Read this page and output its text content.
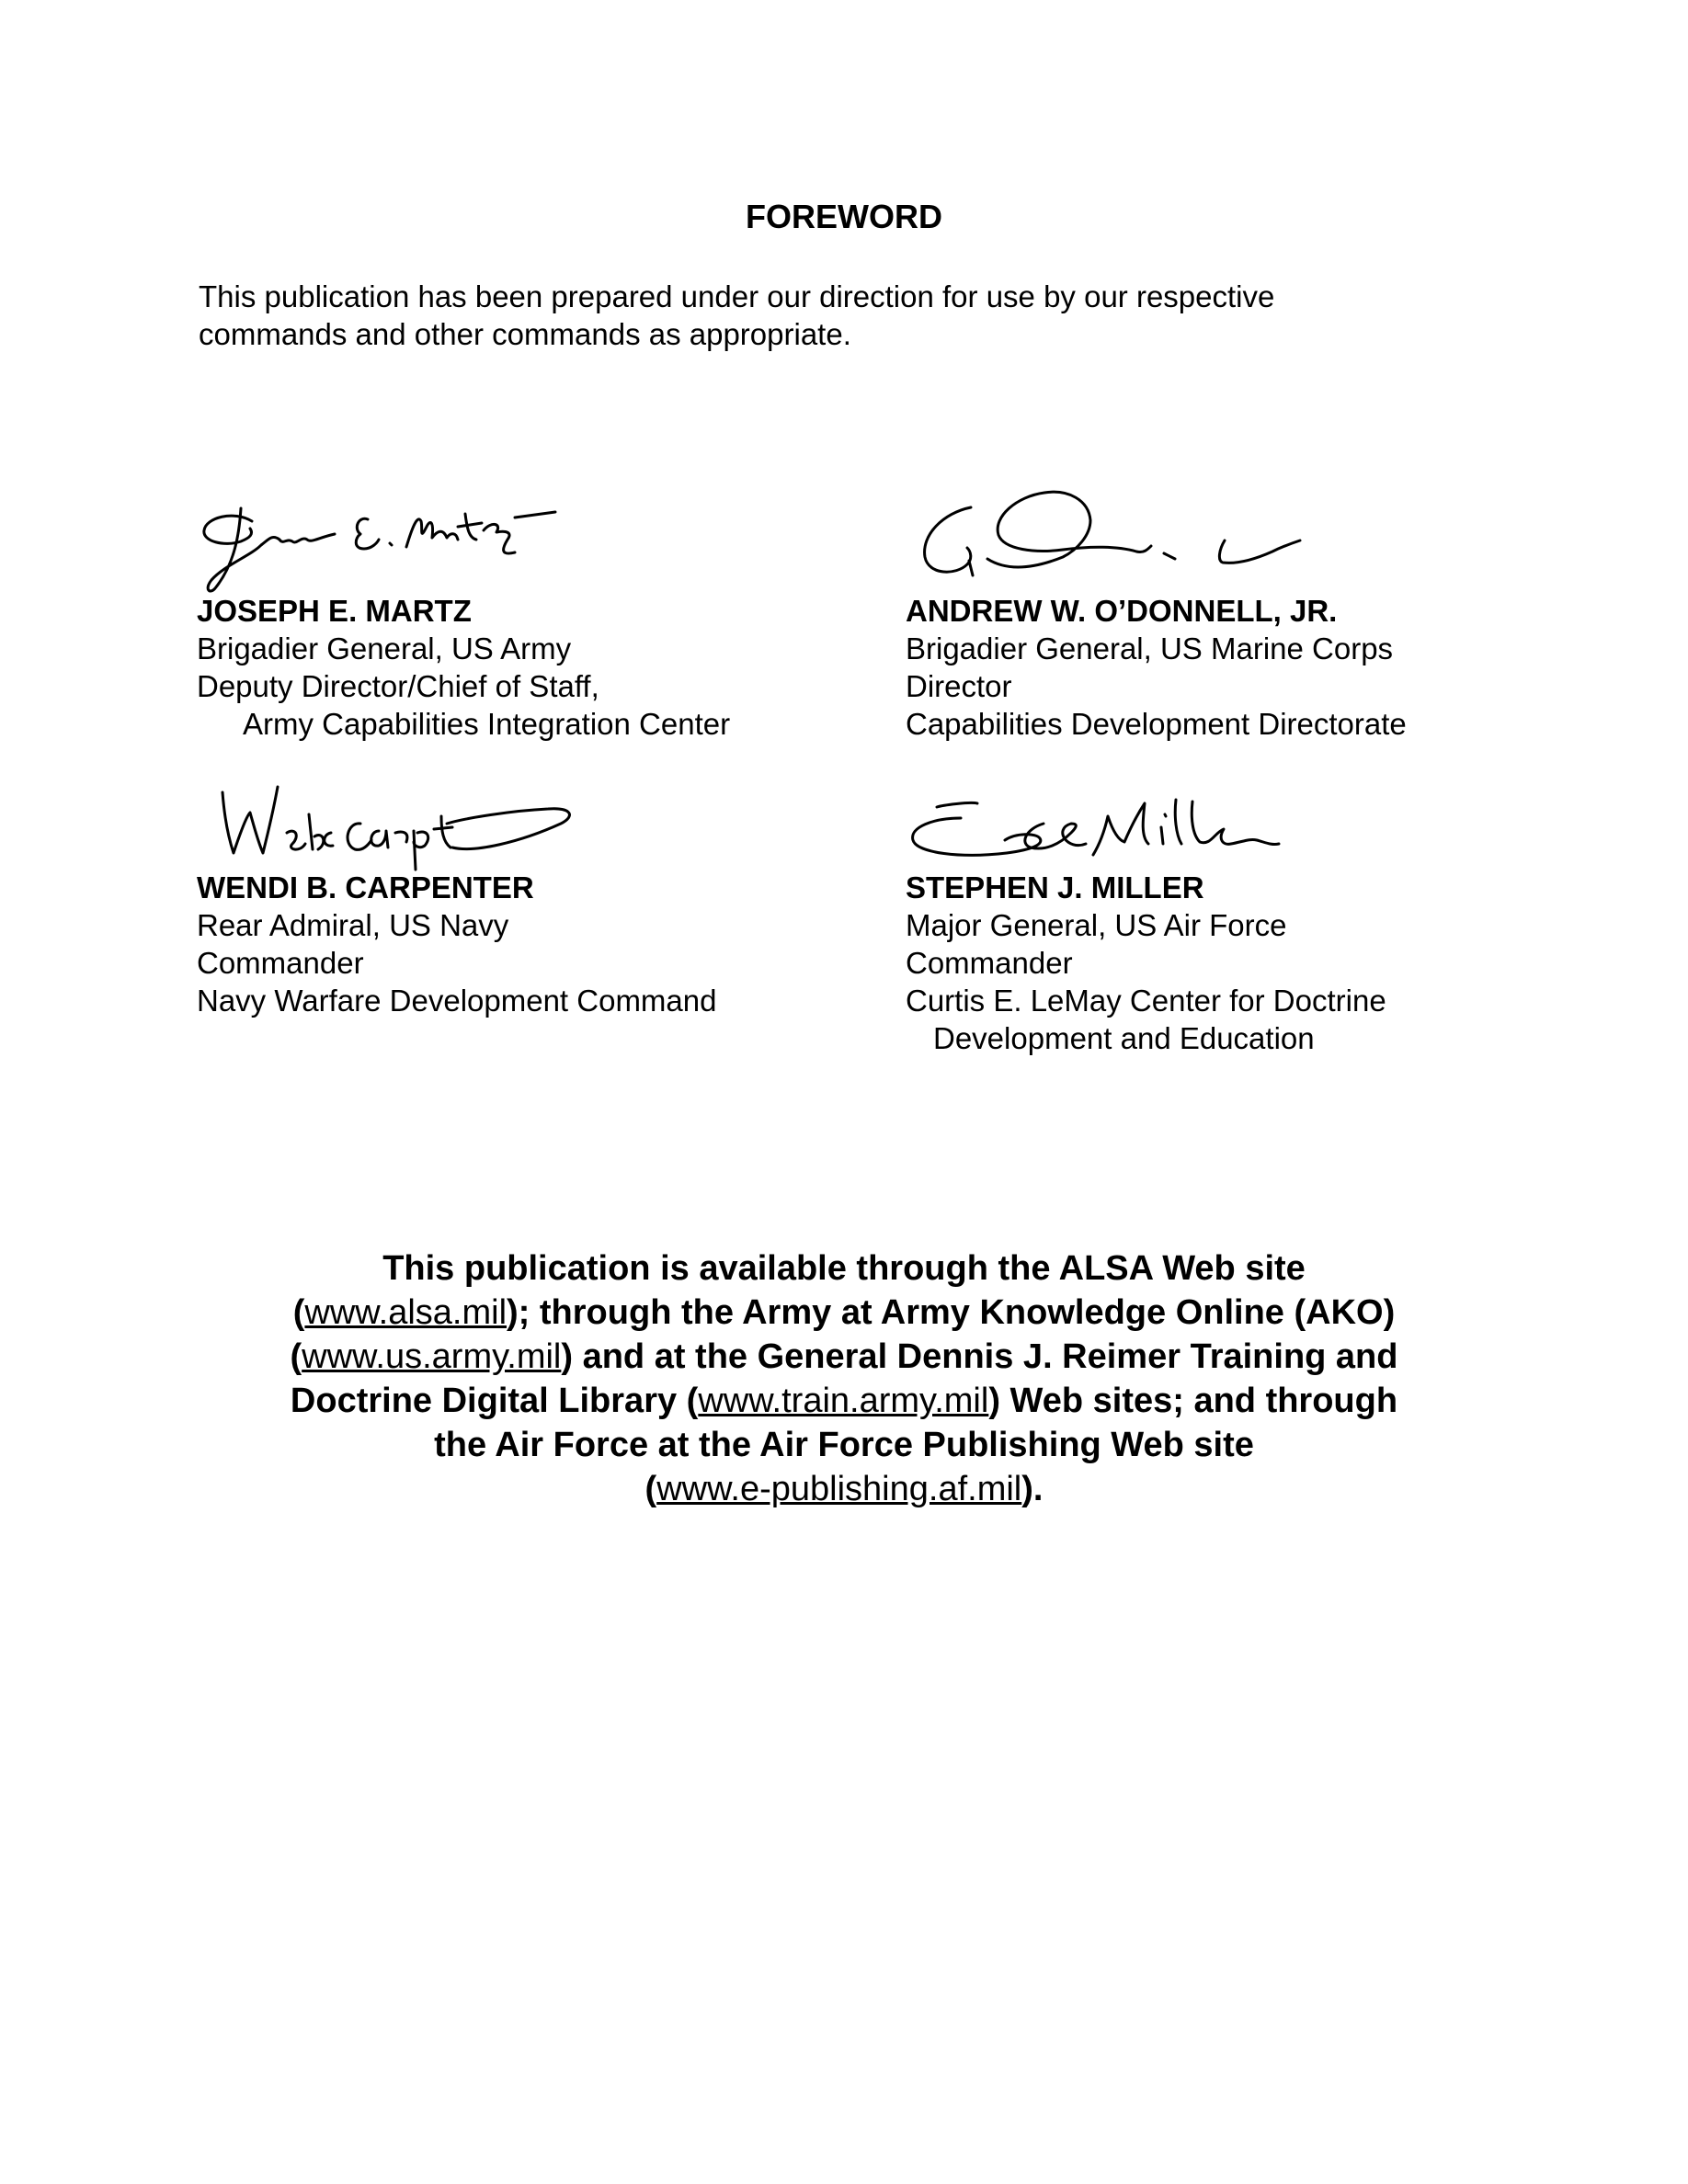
FOREWORD
This publication has been prepared under our direction for use by our respective
commands and other commands as appropriate.
JOSEPH E. MARTZ
Brigadier General, US Army
Deputy Director/Chief of Staff,
Army Capabilities Integration Center
ANDREW W. O’DONNELL, JR.
Brigadier General, US Marine Corps
Director
Capabilities Development Directorate
WENDI B. CARPENTER
Rear Admiral, US Navy
Commander
Navy Warfare Development Command
STEPHEN J. MILLER
Major General, US Air Force
Commander
Curtis E. LeMay Center for Doctrine
Development and Education
This publication is available through the ALSA Web site
(www.alsa.mil); through the Army at Army Knowledge Online (AKO)
(www.us.army.mil) and at the General Dennis J. Reimer Training and
Doctrine Digital Library (www.train.army.mil) Web sites; and through
the Air Force at the Air Force Publishing Web site
(www.e-publishing.af.mil).
